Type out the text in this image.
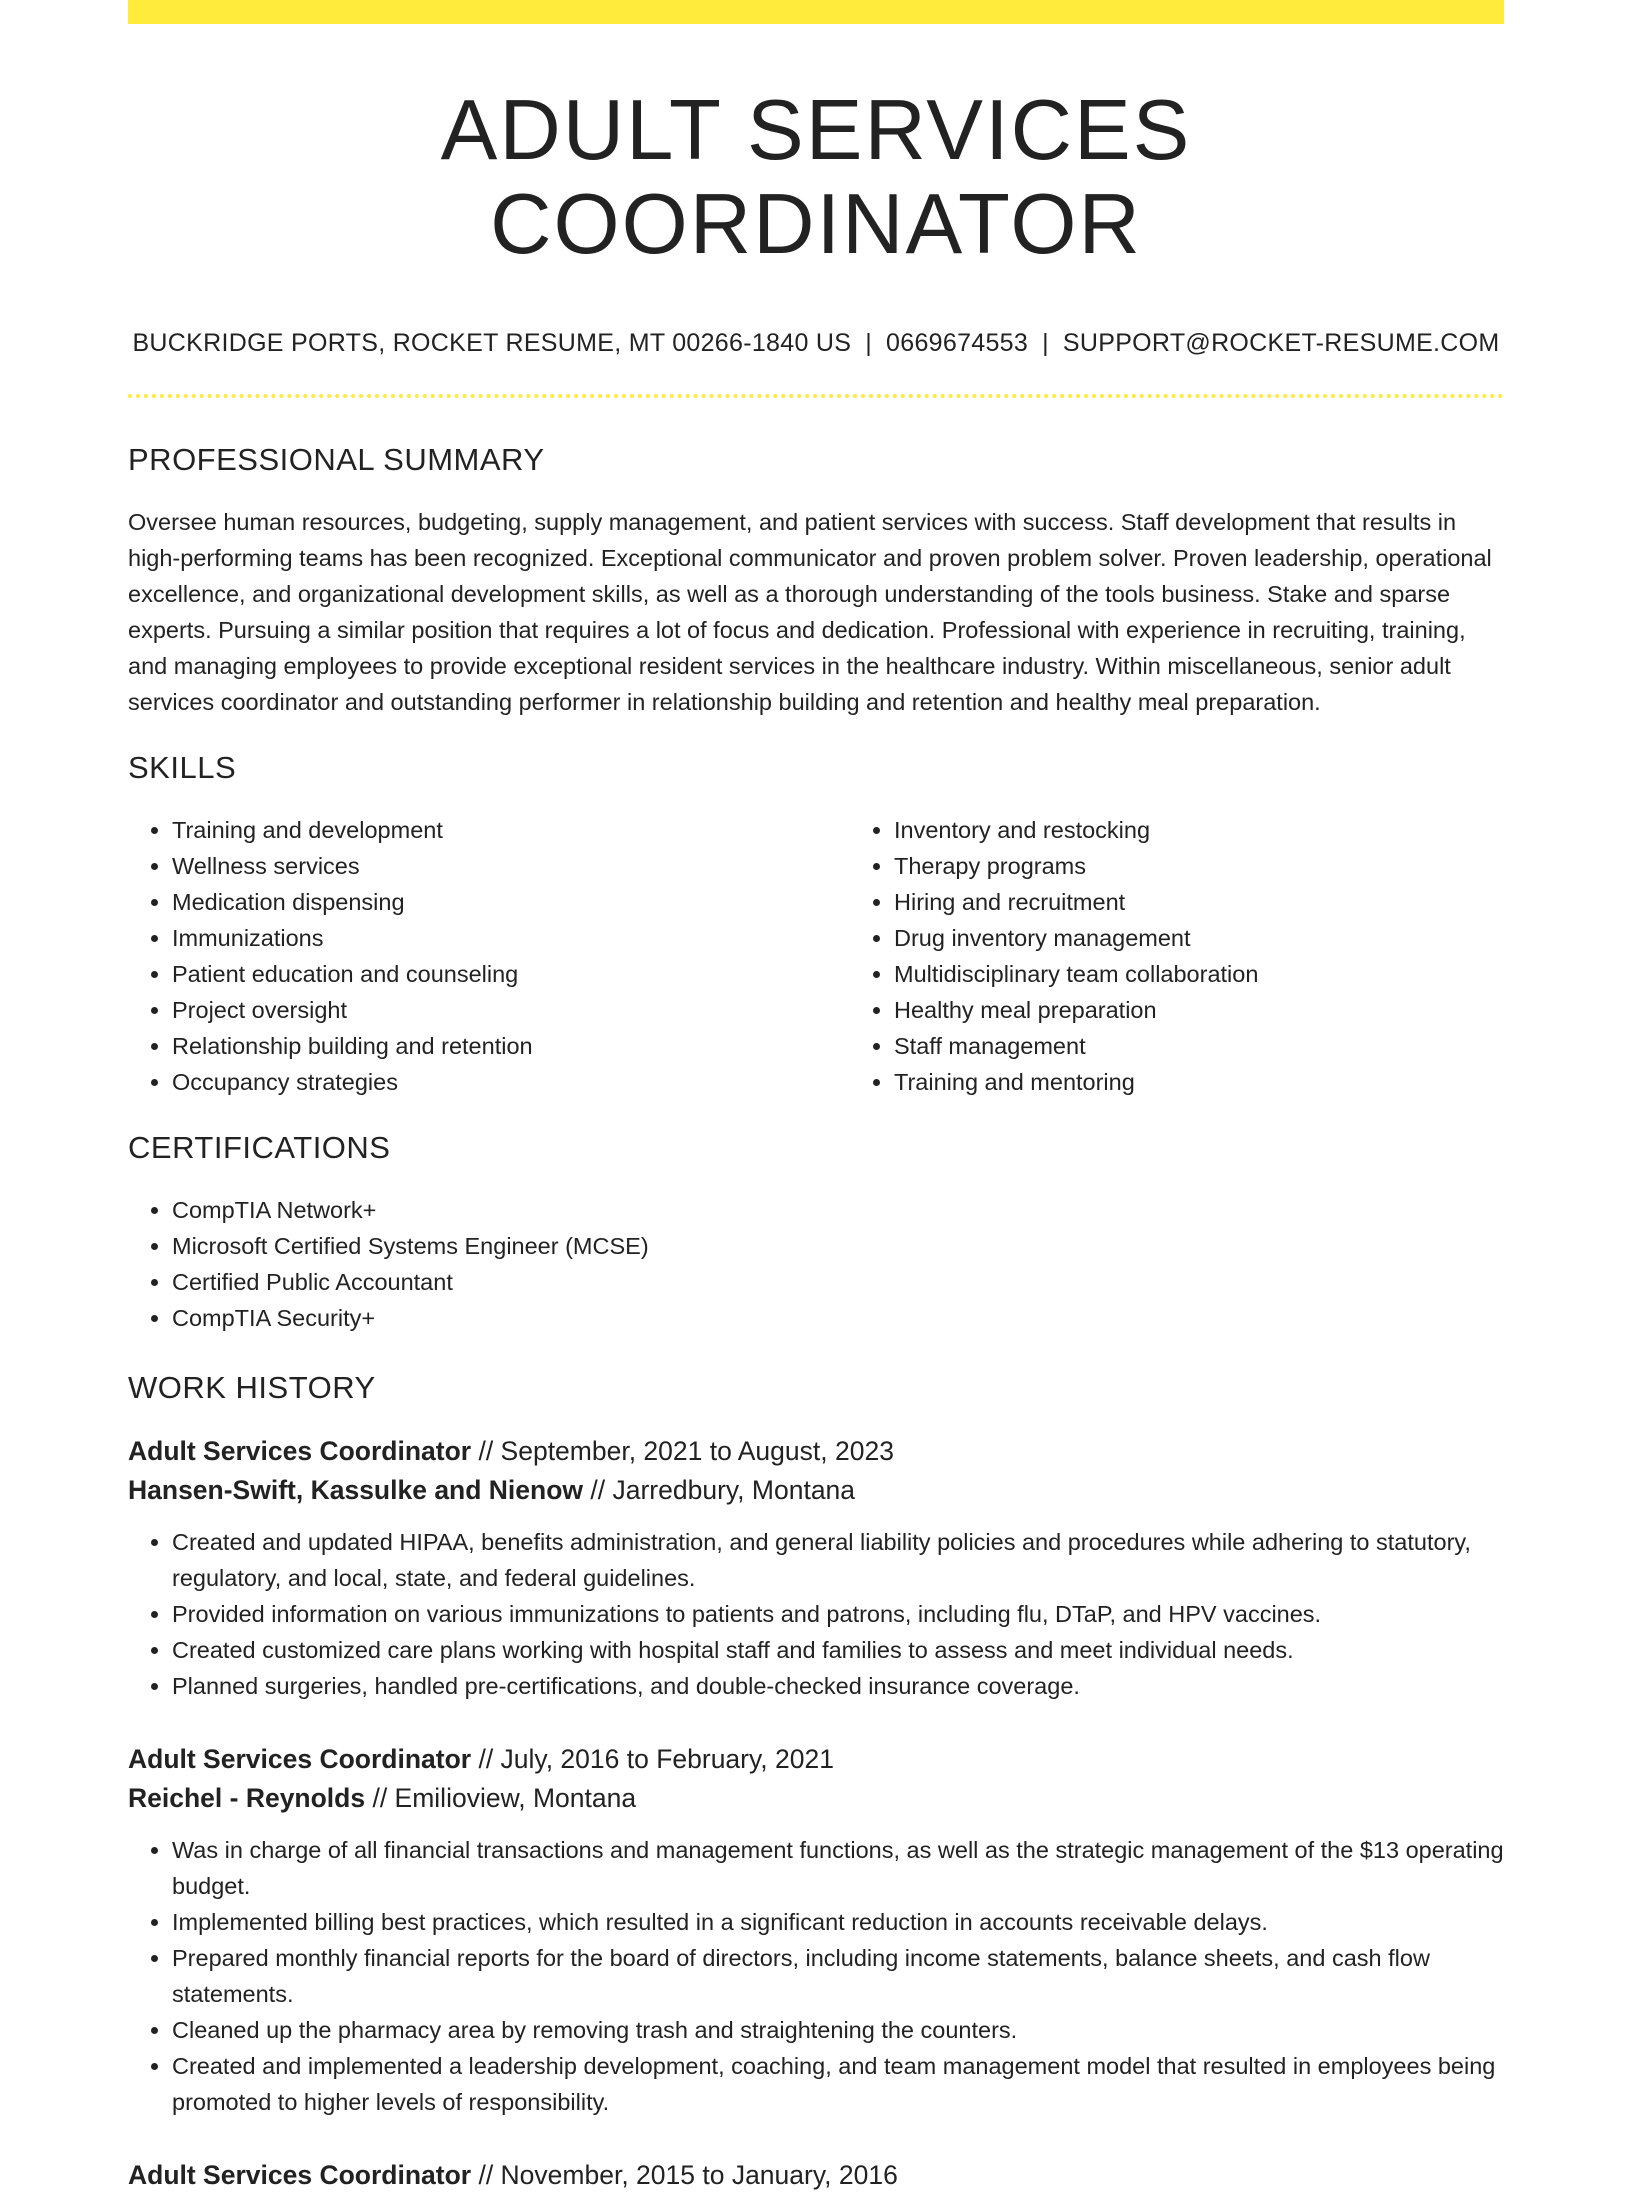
ADULT SERVICES COORDINATOR
BUCKRIDGE PORTS, ROCKET RESUME, MT 00266-1840 US | 0669674553 | SUPPORT@ROCKET-RESUME.COM
PROFESSIONAL SUMMARY
Oversee human resources, budgeting, supply management, and patient services with success. Staff development that results in high-performing teams has been recognized. Exceptional communicator and proven problem solver. Proven leadership, operational excellence, and organizational development skills, as well as a thorough understanding of the tools business. Stake and sparse experts. Pursuing a similar position that requires a lot of focus and dedication. Professional with experience in recruiting, training, and managing employees to provide exceptional resident services in the healthcare industry. Within miscellaneous, senior adult services coordinator and outstanding performer in relationship building and retention and healthy meal preparation.
SKILLS
• Training and development
• Wellness services
• Medication dispensing
• Immunizations
• Patient education and counseling
• Project oversight
• Relationship building and retention
• Occupancy strategies
• Inventory and restocking
• Therapy programs
• Hiring and recruitment
• Drug inventory management
• Multidisciplinary team collaboration
• Healthy meal preparation
• Staff management
• Training and mentoring
CERTIFICATIONS
• CompTIA Network+
• Microsoft Certified Systems Engineer (MCSE)
• Certified Public Accountant
• CompTIA Security+
WORK HISTORY
Adult Services Coordinator // September, 2021 to August, 2023
Hansen-Swift, Kassulke and Nienow // Jarredbury, Montana
• Created and updated HIPAA, benefits administration, and general liability policies and procedures while adhering to statutory, regulatory, and local, state, and federal guidelines.
• Provided information on various immunizations to patients and patrons, including flu, DTaP, and HPV vaccines.
• Created customized care plans working with hospital staff and families to assess and meet individual needs.
• Planned surgeries, handled pre-certifications, and double-checked insurance coverage.
Adult Services Coordinator // July, 2016 to February, 2021
Reichel - Reynolds // Emilioview, Montana
• Was in charge of all financial transactions and management functions, as well as the strategic management of the $13 operating budget.
• Implemented billing best practices, which resulted in a significant reduction in accounts receivable delays.
• Prepared monthly financial reports for the board of directors, including income statements, balance sheets, and cash flow statements.
• Cleaned up the pharmacy area by removing trash and straightening the counters.
• Created and implemented a leadership development, coaching, and team management model that resulted in employees being promoted to higher levels of responsibility.
Adult Services Coordinator // November, 2015 to January, 2016
